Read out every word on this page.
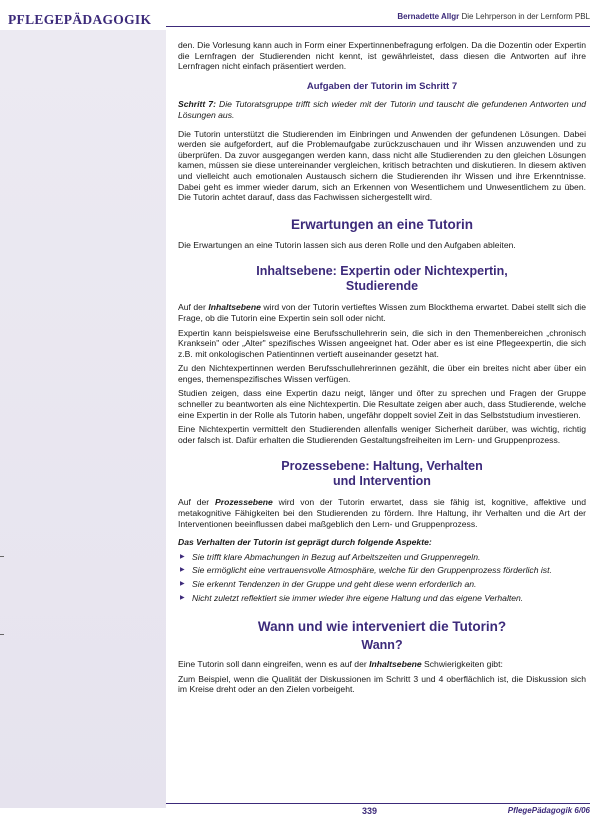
PFLEGEPÄDAGOGIK	Bernadette Allgr Die Lehrperson in der Lernform PBL

den. Die Vorlesung kann auch in Form einer Expertinnenbefragung erfolgen. Da die Dozentin oder Expertin die Lernfragen der Studierenden nicht kennt, ist gewährleistet, dass diesen die Antworten auf ihre Lernfragen nicht einfach präsentiert werden.

Aufgaben der Tutorin im Schritt 7

Schritt 7: Die Tutoratsgruppe trifft sich wieder mit der Tutorin und tauscht die gefundenen Antworten und Lösungen aus.

Die Tutorin unterstützt die Studierenden im Einbringen und Anwenden der gefundenen Lösungen. Dabei werden sie aufgefordert, auf die Problemaufgabe zurückzuschauen und ihr Wissen anzuwenden und zu überprüfen. Da zuvor ausgegangen werden kann, dass nicht alle Studierenden zu den gleichen Lösungen kamen, müssen sie diese untereinander vergleichen, kritisch betrachten und diskutieren. In diesem aktiven und vielleicht auch emotionalen Austausch sichern die Studierenden ihr Wissen und ihre Erkenntnisse. Dabei geht es immer wieder darum, sich an Erkennen von Wesentlichem und Unwesentlichem zu üben. Die Tutorin achtet darauf, dass das Fachwissen sichergestellt wird.

Erwartungen an eine Tutorin

Die Erwartungen an eine Tutorin lassen sich aus deren Rolle und den Aufgaben ableiten.

Inhaltsebene: Expertin oder Nichtexpertin,
Studierende

Auf der Inhaltsebene wird von der Tutorin vertieftes Wissen zum Blockthema erwartet. Dabei stellt sich die Frage, ob die Tutorin eine Expertin sein soll oder nicht.

Expertin kann beispielsweise eine Berufsschullehrerin sein, die sich in den Themenbereichen „chronisch Kranksein" oder „Alter" spezifisches Wissen angeeignet hat. Oder aber es ist eine Pflegeexpertin, die sich z.B. mit onkologischen Patientinnen vertieft auseinander gesetzt hat.

Zu den Nichtexpertinnen werden Berufsschullehrerinnen gezählt, die über ein breites nicht aber über ein enges, themenspezifisches Wissen verfügen.

Studien zeigen, dass eine Expertin dazu neigt, länger und öfter zu sprechen und Fragen der Gruppe schneller zu beantworten als eine Nichtexpertin. Die Resultate zeigen aber auch, dass Studierende, welche eine Expertin in der Rolle als Tutorin haben, ungefähr doppelt soviel Zeit in das Selbststudium investieren.

Eine Nichtexpertin vermittelt den Studierenden allenfalls weniger Sicherheit darüber, was wichtig, richtig oder falsch ist. Dafür erhalten die Studierenden Gestaltungsfreiheiten im Lern- und Gruppenprozess.

Prozessebene: Haltung, Verhalten
und Intervention

Auf der Prozessebene wird von der Tutorin erwartet, dass sie fähig ist, kognitive, affektive und metakognitive Fähigkeiten bei den Studierenden zu fördern. Ihre Haltung, ihr Verhalten und die Art der Interventionen beeinflussen dabei maßgeblich den Lern- und Gruppenprozess.

Das Verhalten der Tutorin ist geprägt durch folgende Aspekte:

▶ Sie trifft klare Abmachungen in Bezug auf Arbeitszeiten und Gruppenregeln.
▶ Sie ermöglicht eine vertrauensvolle Atmosphäre, welche für den Gruppenprozess förderlich ist.
▶ Sie erkennt Tendenzen in der Gruppe und geht diese wenn erforderlich an.
▶ Nicht zuletzt reflektiert sie immer wieder ihre eigene Haltung und das eigene Verhalten.
Wann und wie interveniert die Tutorin?
Wann?

Eine Tutorin soll dann eingreifen, wenn es auf der Inhaltsebene Schwierigkeiten gibt:

Zum Beispiel, wenn die Qualität der Diskussionen im Schritt 3 und 4 oberflächlich ist, die Diskussion sich im Kreise dreht oder an den Zielen vorbeigeht.

339	PflegePädagogik 6/06
